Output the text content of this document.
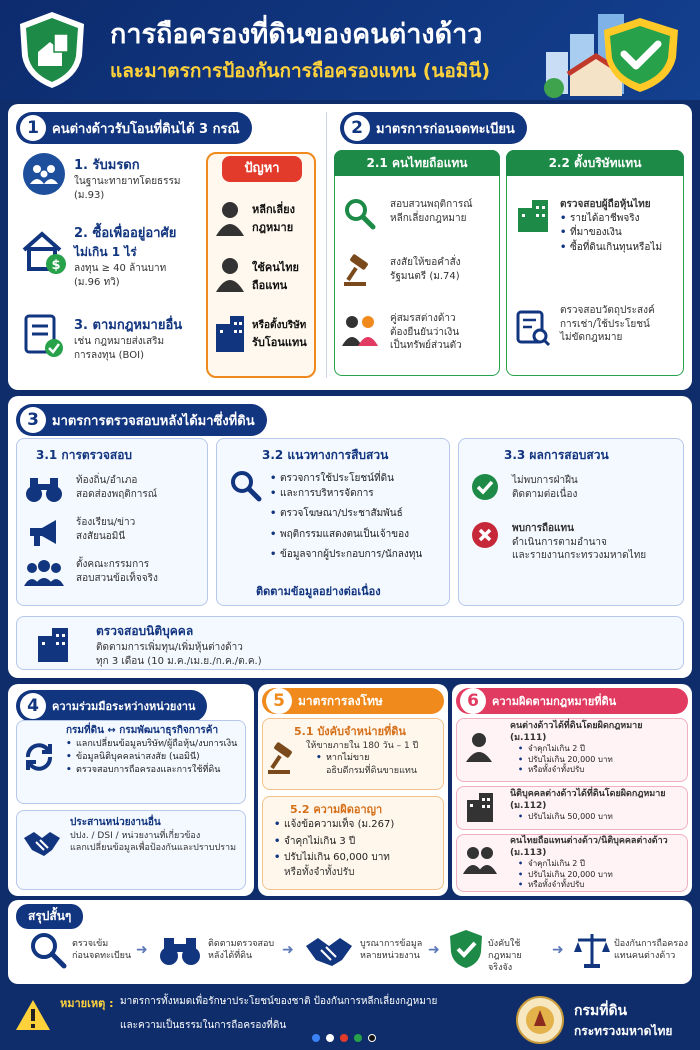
การถือครองที่ดินของคนต่างด้าว
และมาตรการป้องกันการถือครองแทน (นอมินี)
1	คนต่างด้าวรับโอนที่ดินได้ 3 กรณี
1. รับมรดก
ในฐานะทายาทโดยธรรม
(ม.93)
$
2. ซื้อเพื่ออยู่อาศัย
ไม่เกิน 1 ไร่
ลงทุน ≥ 40 ล้านบาท
(ม.96 ทวิ)
3. ตามกฎหมายอื่น
เช่น กฎหมายส่งเสริม
การลงทุน (BOI)
ปัญหา
หลีกเลี่ยง
กฎหมาย
ใช้คนไทย
ถือแทน
หรือตั้งบริษัท
รับโอนแทน
2	มาตรการก่อนจดทะเบียน
2.1 คนไทยถือแทน
สอบสวนพฤติการณ์
หลีกเลี่ยงกฎหมาย
สงสัยให้ขอคำสั่ง
รัฐมนตรี (ม.74)
คู่สมรสต่างด้าว
ต้องยืนยันว่าเงิน
เป็นทรัพย์ส่วนตัว
2.2 ตั้งบริษัทแทน
ตรวจสอบผู้ถือหุ้นไทย
• รายได้อาชีพจริง
• ที่มาของเงิน
• ซื้อที่ดินเกินทุนหรือไม่
ตรวจสอบวัตถุประสงค์
การเช่า/ใช้ประโยชน์
ไม่ขัดกฎหมาย
3	มาตรการตรวจสอบหลังได้มาซึ่งที่ดิน
3.1 การตรวจสอบ
ท้องถิ่น/อำเภอ
สอดส่องพฤติการณ์
ร้องเรียน/ข่าว
สงสัยนอมินี
ตั้งคณะกรรมการ
สอบสวนข้อเท็จจริง
3.2 แนวทางการสืบสวน
• ตรวจการใช้ประโยชน์ที่ดิน
• และการบริหารจัดการ
• ตรวจโฆษณา/ประชาสัมพันธ์
• พฤติกรรมแสดงตนเป็นเจ้าของ
• ข้อมูลจากผู้ประกอบการ/นักลงทุน
ติดตามข้อมูลอย่างต่อเนื่อง
3.3 ผลการสอบสวน
ไม่พบการฝ่าฝืน
ติดตามต่อเนื่อง
พบการถือแทน
ดำเนินการตามอำนาจ
และรายงานกระทรวงมหาดไทย
ตรวจสอบนิติบุคคล
ติดตามการเพิ่มทุน/เพิ่มหุ้นต่างด้าว
ทุก 3 เดือน (10 ม.ค./เม.ย./ก.ค./ต.ค.)
4	ความร่วมมือระหว่างหน่วยงาน
กรมที่ดิน ↔ กรมพัฒนาธุรกิจการค้า
• แลกเปลี่ยนข้อมูลบริษัท/ผู้ถือหุ้น/งบการเงิน
• ข้อมูลนิติบุคคลน่าสงสัย (นอมินี)
• ตรวจสอบการถือครองและการใช้ที่ดิน
ประสานหน่วยงานอื่น
ปปง. / DSI / หน่วยงานที่เกี่ยวข้อง
แลกเปลี่ยนข้อมูลเพื่อป้องกันและปราบปราม
5	มาตรการลงโทษ
5.1 บังคับจำหน่ายที่ดิน
ให้ขายภายใน 180 วัน – 1 ปี
• หากไม่ขาย
อธิบดีกรมที่ดินขายแทน
5.2 ความผิดอาญา
• แจ้งข้อความเท็จ (ม.267)
• จำคุกไม่เกิน 3 ปี
• ปรับไม่เกิน 60,000 บาท
หรือทั้งจำทั้งปรับ
6	ความผิดตามกฎหมายที่ดิน
คนต่างด้าวได้ที่ดินโดยผิดกฎหมาย
(ม.111)
• จำคุกไม่เกิน 2 ปี
• ปรับไม่เกิน 20,000 บาท
• หรือทั้งจำทั้งปรับ
นิติบุคคลต่างด้าวได้ที่ดินโดยผิดกฎหมาย
(ม.112)
• ปรับไม่เกิน 50,000 บาท
คนไทยถือแทนต่างด้าว/นิติบุคคลต่างด้าว
(ม.113)
• จำคุกไม่เกิน 2 ปี
• ปรับไม่เกิน 20,000 บาท
• หรือทั้งจำทั้งปรับ
สรุปสั้นๆ
ตรวจเข้ม
ก่อนจดทะเบียน ➜	ติดตามตรวจสอบ
หลังได้ที่ดิน	➜	บูรณาการข้อมูล
หลายหน่วยงาน ➜	บังคับใช้กฎหมาย
จริงจัง
➜	ป้องกันการถือครอง
แทนคนต่างด้าว
หมายเหตุ : มาตรการทั้งหมดเพื่อรักษาประโยชน์ของชาติ ป้องกันการหลีกเลี่ยงกฎหมาย
และความเป็นธรรมในการถือครองที่ดิน
กรมที่ดิน
กระทรวงมหาดไทย
